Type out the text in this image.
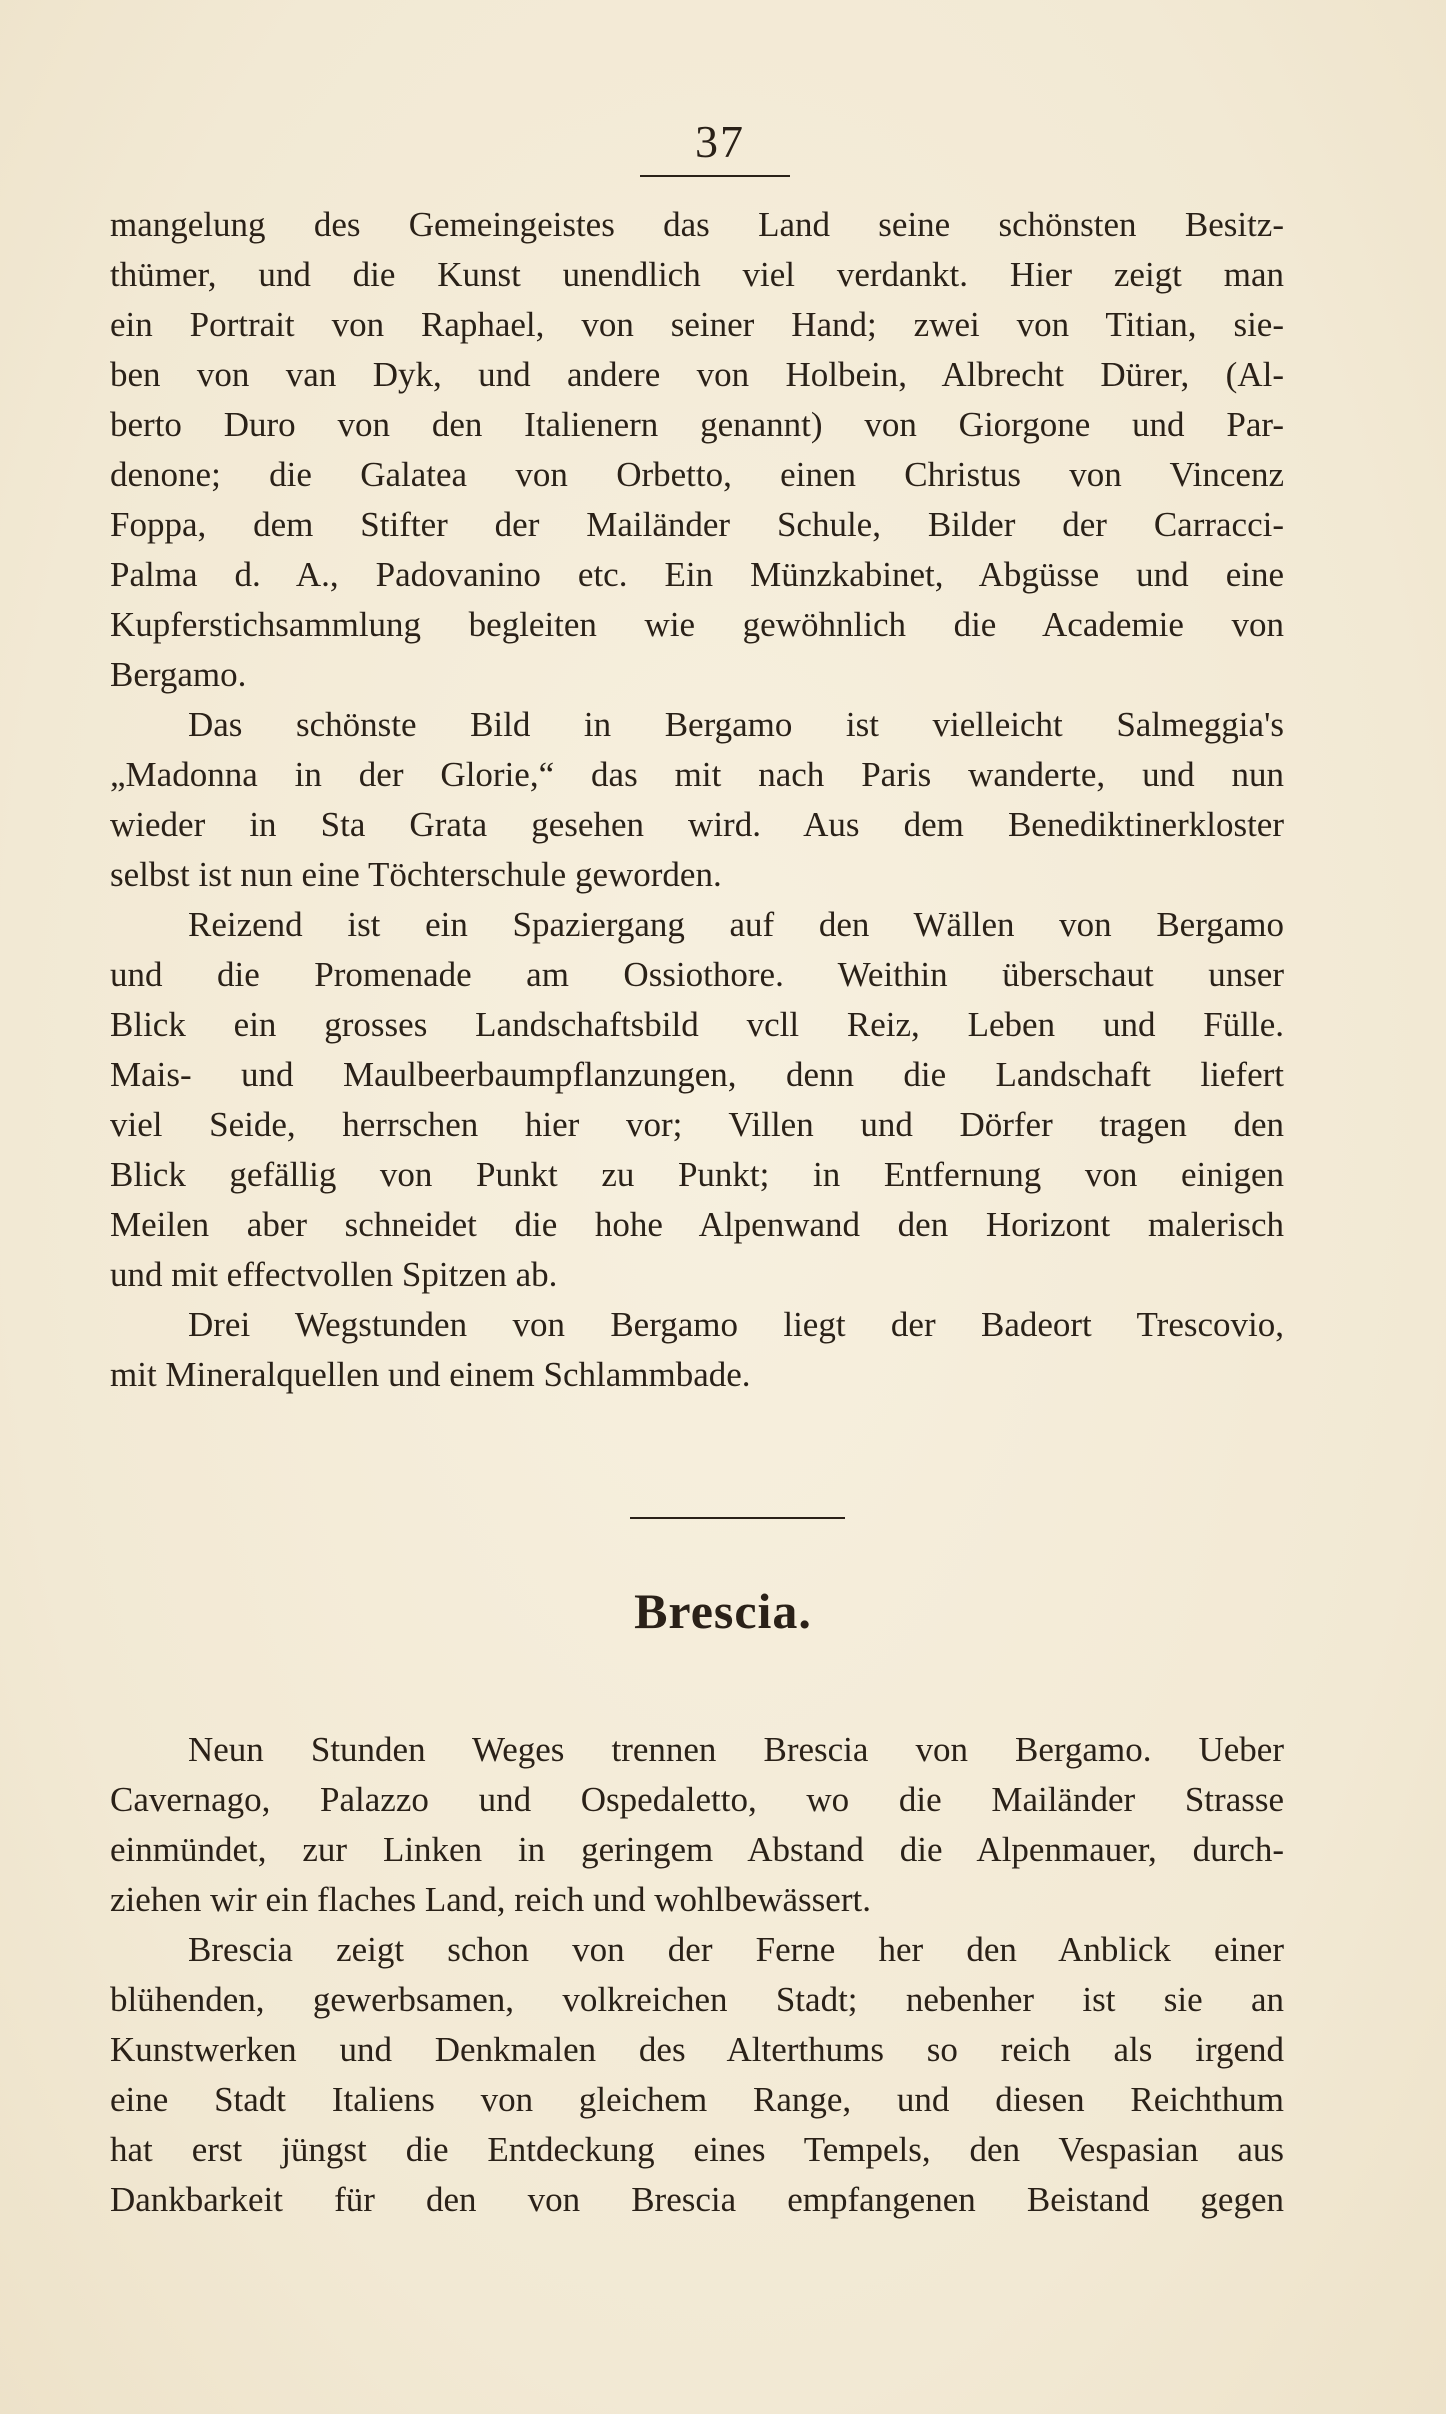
37

mangelung des Gemeingeistes das Land seine schönsten Besitz-
thümer, und die Kunst unendlich viel verdankt. Hier zeigt man
ein Portrait von Raphael, von seiner Hand; zwei von Titian, sie-
ben von van Dyk, und andere von Holbein, Albrecht Dürer, (Al-
berto Duro von den Italienern genannt) von Giorgone und Par-
denone; die Galatea von Orbetto, einen Christus von Vincenz
Foppa, dem Stifter der Mailänder Schule, Bilder der Carracci-
Palma d. A., Padovanino etc. Ein Münzkabinet, Abgüsse und eine
Kupferstichsammlung begleiten wie gewöhnlich die Academie von
Bergamo.

Das schönste Bild in Bergamo ist vielleicht Salmeggia's
„Madonna in der Glorie,“ das mit nach Paris wanderte, und nun
wieder in Sta Grata gesehen wird. Aus dem Benediktinerkloster
selbst ist nun eine Töchterschule geworden.

Reizend ist ein Spaziergang auf den Wällen von Bergamo
und die Promenade am Ossiothore. Weithin überschaut unser
Blick ein grosses Landschaftsbild vcll Reiz, Leben und Fülle.
Mais- und Maulbeerbaumpflanzungen, denn die Landschaft liefert
viel Seide, herrschen hier vor; Villen und Dörfer tragen den
Blick gefällig von Punkt zu Punkt; in Entfernung von einigen
Meilen aber schneidet die hohe Alpenwand den Horizont malerisch
und mit effectvollen Spitzen ab.

Drei Wegstunden von Bergamo liegt der Badeort Trescovio,
mit Mineralquellen und einem Schlammbade.

Brescia.

Neun Stunden Weges trennen Brescia von Bergamo. Ueber
Cavernago, Palazzo und Ospedaletto, wo die Mailänder Strasse
einmündet, zur Linken in geringem Abstand die Alpenmauer, durch-
ziehen wir ein flaches Land, reich und wohlbewässert.

Brescia zeigt schon von der Ferne her den Anblick einer
blühenden, gewerbsamen, volkreichen Stadt; nebenher ist sie an
Kunstwerken und Denkmalen des Alterthums so reich als irgend
eine Stadt Italiens von gleichem Range, und diesen Reichthum
hat erst jüngst die Entdeckung eines Tempels, den Vespasian aus
Dankbarkeit für den von Brescia empfangenen Beistand gegen
